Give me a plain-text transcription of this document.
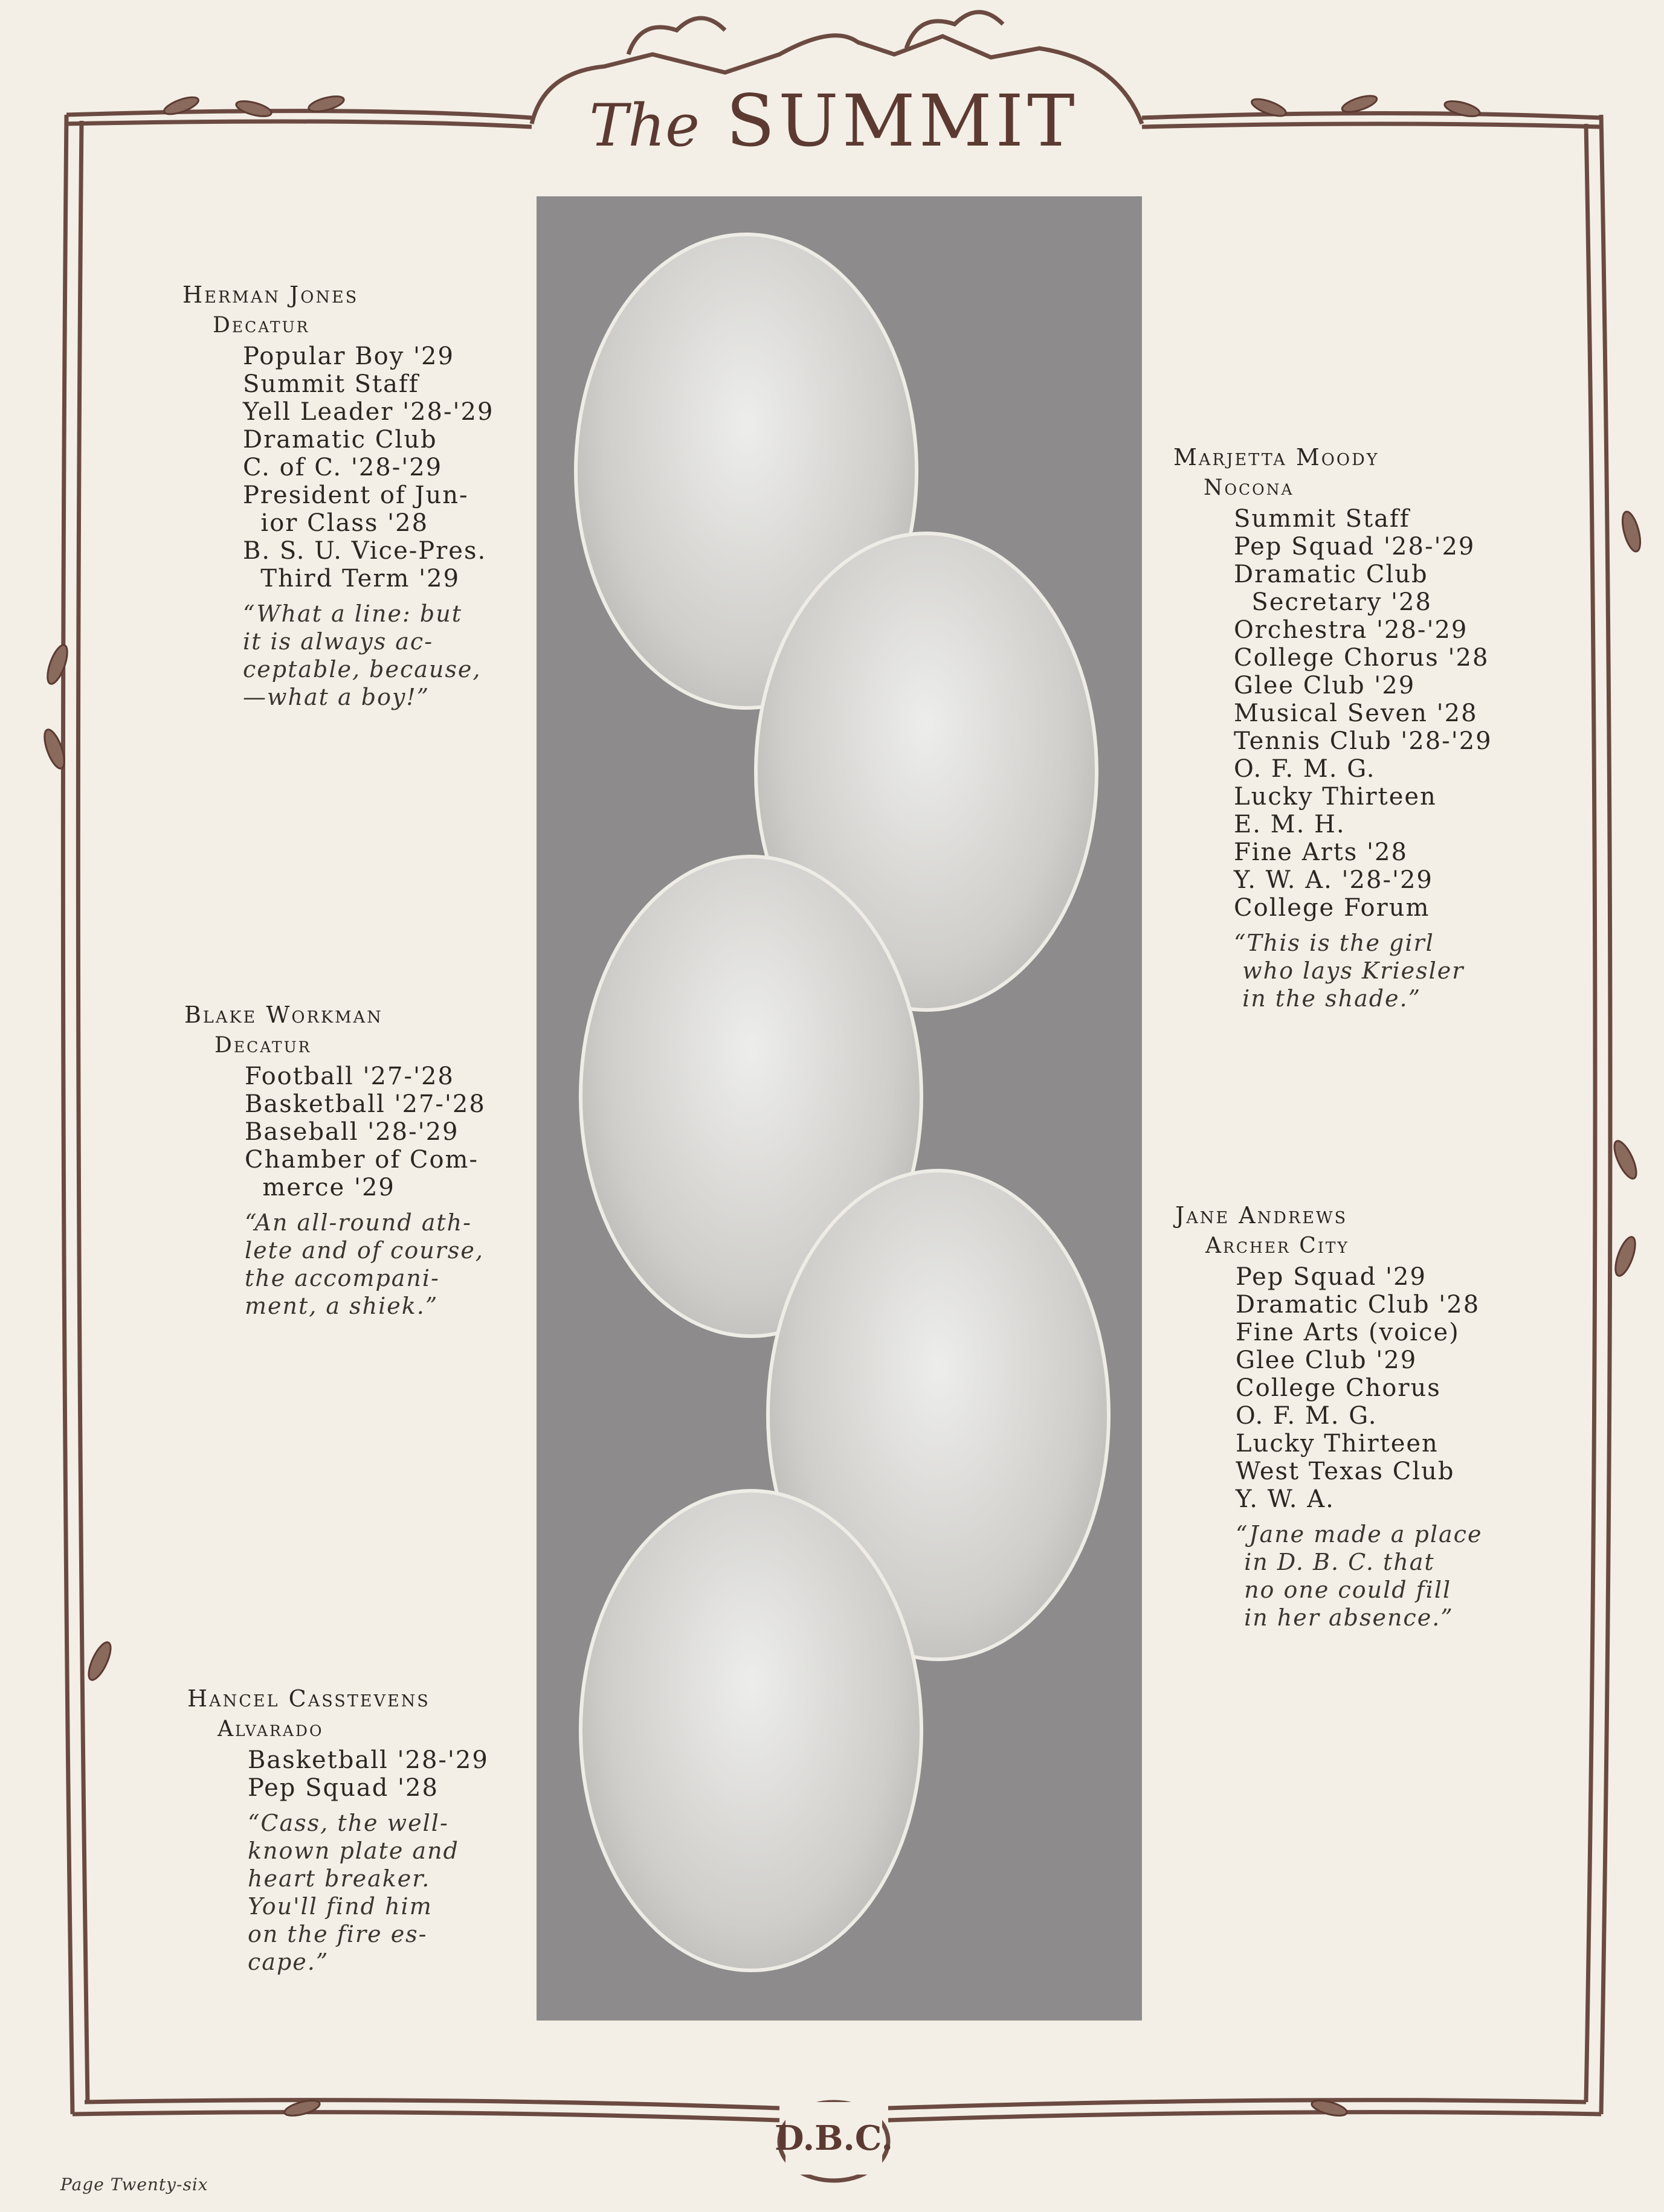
The SUMMIT
Herman Jones
Decatur
Popular Boy '29
Summit Staff
Yell Leader '28-'29
Dramatic Club
C. of C. '28-'29
President of Jun-
ior Class '28
B. S. U. Vice-Pres.
Third Term '29
“What a line: but
it is always ac-
ceptable, because,
—what a boy!”
Marjetta Moody
Nocona
Summit Staff
Pep Squad '28-'29
Dramatic Club
Secretary '28
Orchestra '28-'29
College Chorus '28
Glee Club '29
Musical Seven '28
Tennis Club '28-'29
O. F. M. G.
Lucky Thirteen
E. M. H.
Fine Arts '28
Y. W. A. '28-'29
College Forum
“This is the girl
who lays Kriesler
in the shade.”
Blake Workman
Decatur
Football '27-'28
Basketball '27-'28
Baseball '28-'29
Chamber of Com-
merce '29
“An all-round ath-
lete and of course,
the accompani-
ment, a shiek.”
Jane Andrews
Archer City
Pep Squad '29
Dramatic Club '28
Fine Arts (voice)
Glee Club '29
College Chorus
O. F. M. G.
Lucky Thirteen
West Texas Club
Y. W. A.
“Jane made a place
in D. B. C. that
no one could fill
in her absence.”
Hancel Casstevens
Alvarado
Basketball '28-'29
Pep Squad '28
“Cass, the well-
known plate and
heart breaker.
You'll find him
on the fire es-
cape.”
D.B.C.
Page Twenty-six
